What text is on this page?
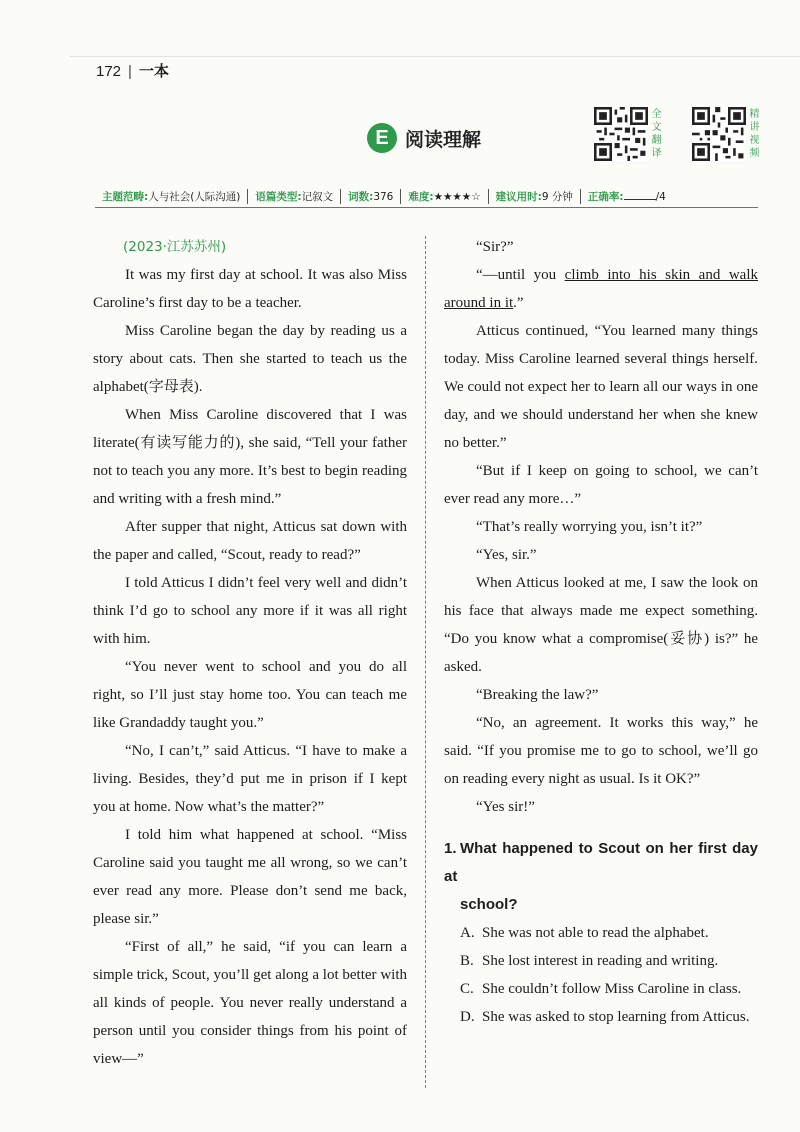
172 | 一本
E 阅读理解
全文翻译
精讲视频
主题范畴:人与社会(人际沟通)	语篇类型:记叙文	词数:376	难度:★★★★☆	建议用时:9 分钟	正确率:	/4
(2023·江苏苏州)

It was my first day at school. It was also Miss Caroline’s first day to be a teacher.

Miss Caroline began the day by reading us a story about cats. Then she started to teach us the alphabet(字母表).

When Miss Caroline discovered that I was literate(有读写能力的), she said, “Tell your father not to teach you any more. It’s best to begin reading and writing with a fresh mind.”

After supper that night, Atticus sat down with the paper and called, “Scout, ready to read?”

I told Atticus I didn’t feel very well and didn’t think I’d go to school any more if it was all right with him.

“You never went to school and you do all right, so I’ll just stay home too. You can teach me like Grandaddy taught you.”

“No, I can’t,” said Atticus. “I have to make a living. Besides, they’d put me in prison if I kept you at home. Now what’s the matter?”

I told him what happened at school. “Miss Caroline said you taught me all wrong, so we can’t ever read any more. Please don’t send me back, please sir.”

“First of all,” he said, “if you can learn a simple trick, Scout, you’ll get along a lot better with all kinds of people. You never really understand a person until you consider things from his point of view—”

“Sir?”

“—until you climb into his skin and walk around in it.”

Atticus continued, “You learned many things today. Miss Caroline learned several things herself. We could not expect her to learn all our ways in one day, and we should understand her when she knew no better.”

“But if I keep on going to school, we can’t ever read any more…”

“That’s really worrying you, isn’t it?”

“Yes, sir.”

When Atticus looked at me, I saw the look on his face that always made me expect something. “Do you know what a compromise(妥协) is?” he asked.

“Breaking the law?”

“No, an agreement. It works this way,” he said. “If you promise me to go to school, we’ll go on reading every night as usual. Is it OK?”

“Yes sir!”

1. What happened to Scout on her first day at
school?
A. She was not able to read the alphabet.
B. She lost interest in reading and writing.
C. She couldn’t follow Miss Caroline in class.
D. She was asked to stop learning from Atticus.
